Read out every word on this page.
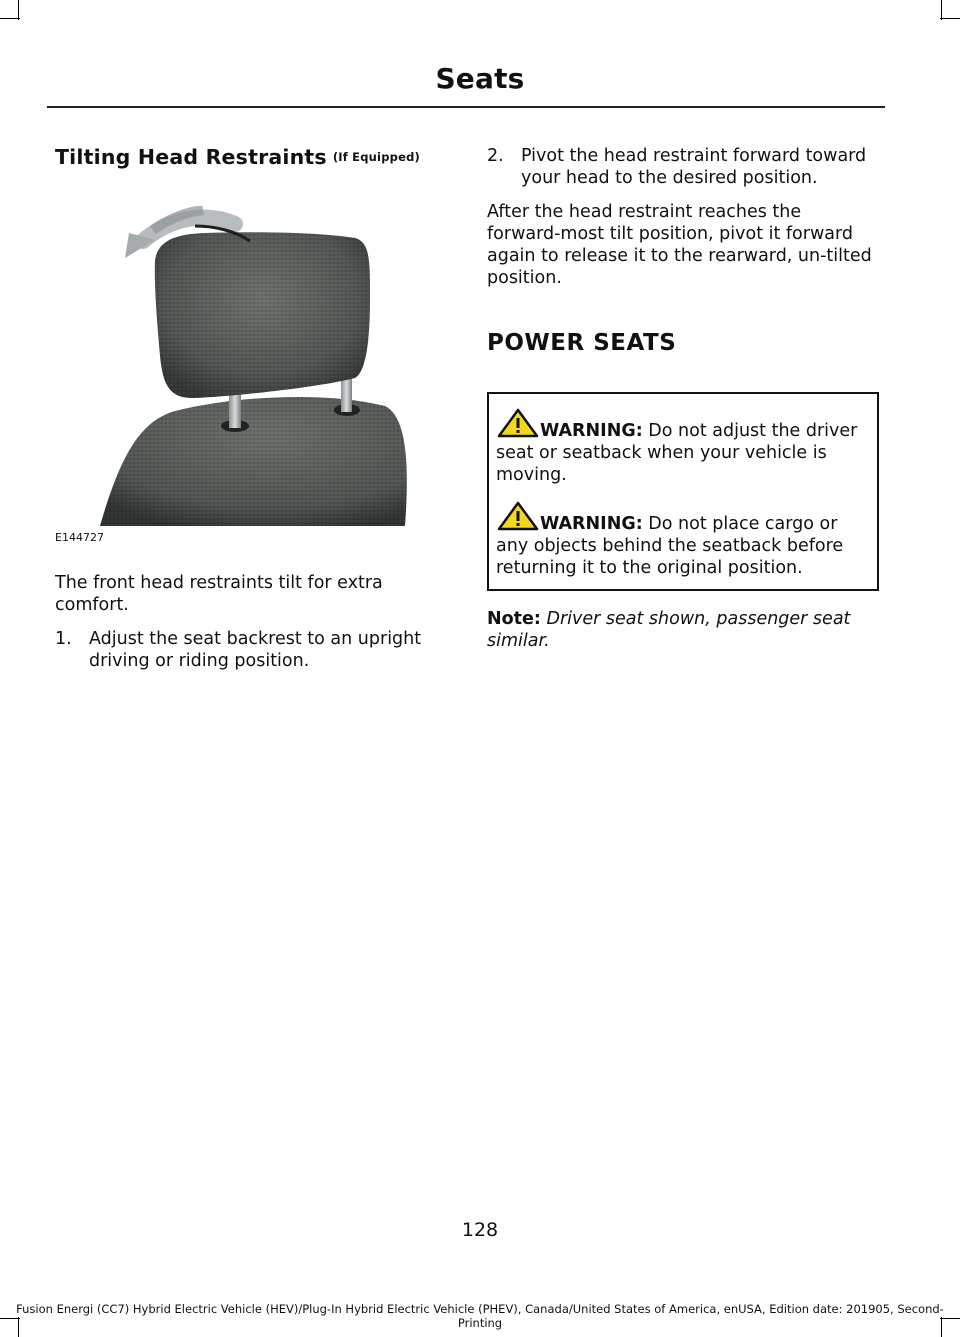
Seats
Tilting Head Restraints (If Equipped)
E144727

The front head restraints tilt for extra comfort.

1. Adjust the seat backrest to an upright driving or riding position.

2. Pivot the head restraint forward toward your head to the desired position.

After the head restraint reaches the forward-most tilt position, pivot it forward again to release it to the rearward, un-tilted position.

POWER SEATS

WARNING: Do not adjust the driver seat or seatback when your vehicle is moving.

WARNING: Do not place cargo or any objects behind the seatback before returning it to the original position.

Note: Driver seat shown, passenger seat similar.

128
Fusion Energi (CC7) Hybrid Electric Vehicle (HEV)/Plug-In Hybrid Electric Vehicle (PHEV), Canada/United States of America, enUSA, Edition date: 201905, Second-Printing
